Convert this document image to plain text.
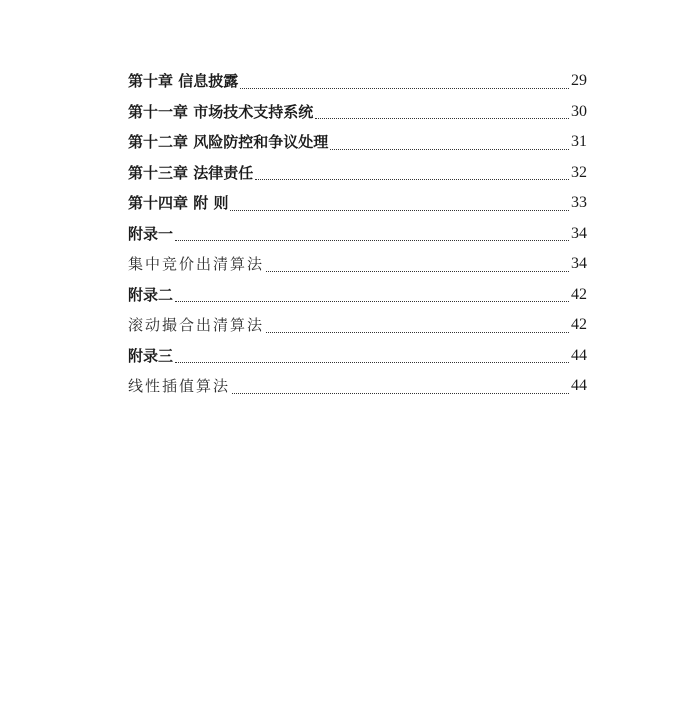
第十章 信息披露	29
第十一章 市场技术支持系统	30
第十二章 风险防控和争议处理	31
第十三章 法律责任	32
第十四章 附 则	33
附录一	34
集中竞价出清算法	34
附录二	42
滚动撮合出清算法	42
附录三	44
线性插值算法	44
